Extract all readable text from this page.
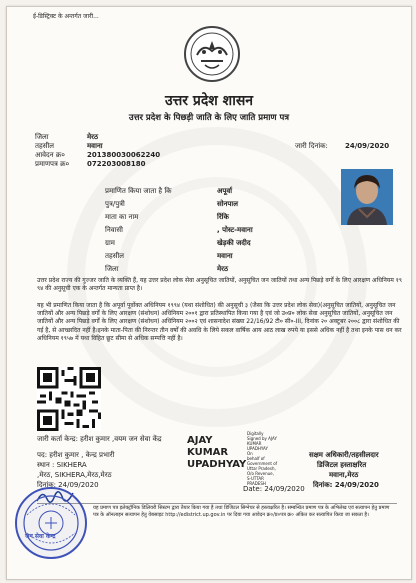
ई-डिस्ट्रिक्ट के अन्तर्गत जारी...
उत्तर प्रदेश शासन
उत्तर प्रदेश के पिछड़ी जाति के लिए जाति प्रमाण पत्र
जिला	मेरठ
तहसील	मवाना
आवेदन क्र०	201380030062240
प्रमाणपत्र क्र०	072203008180
जारी दिनांक: 24/09/2020
प्रमाणित किया जाता है कि	अपूर्वा
पुत्र/पुत्री	सोनपाल
माता का नाम	रिंकि
निवासी	, पोस्ट-मवाना
ग्राम	खेड़की जदीद
तहसील	मवाना
जिला	मेरठ
उत्तर प्रदेश राज्य की गुज्जर जाति के व्यक्ति हैं, यह उत्तर प्रदेश लोक सेवा अनुसूचित जातियों, अनुसूचित जन जातियों तथा अन्य पिछड़े वर्गों के लिए आरक्षण अधिनियम १९९४ की अनुसूची एक के अन्तर्गत मान्यता प्राप्त है।
यह भी प्रमाणित किया जाता है कि अपूर्वा पूर्वोक्त अधिनियम १९९४ (यथा संशोधित) की अनुसूची ३ (जैसा कि उत्तर प्रदेश लोक सेवा)(अनुसूचित जातियों, अनुसूचित जनजातियों और अन्य पिछड़े वर्गों के लिए आरक्षण (संशोधन) अधिनियम २००१ द्वारा प्रतिस्थापित किया गया है एवं जो उ०प्र० लोक सेवा अनुसूचित जातियों, अनुसूचित जनजातियों और अन्य पिछड़े वर्गों के लिए आरक्षण (संशोधन) अधिनियम २००२ एवं शासनादेश संख्या 22/16/92 टी० सी०-III, दिनांक २० अक्टूबर २००८ द्वारा संशोधित की गई है, से आच्छादित नहीं है।इनके माता-पिता की निरन्तर तीन वर्षों की अवधि के लिये सकल वार्षिक आय आठ लाख रुपये या इससे अधिक नहीं है तथा इनके पास धन कर अधिनियम १९५७ में यथा विहित छूट सीमा से अधिक सम्पत्ति नहीं है।
जारी कर्ता केन्द्र: हरीश कुमार ,वयम जन सेवा केंद्र
पद: हरीश कुमार , केन्द्र प्रभारी
स्थान : SIKHERA
,मेरठ, SIKHERA,मेरठ,मेरठ
दिनांक: 24/09/2020
AJAY
KUMAR
UPADHYAY
Digitally
Signed by AJAY
KUMAR
UPADHYAY
On
behalf of
Government of
Uttar Pradesh,
O/o Revenue,
S-UTTAR
PRADESH
Date: 24/09/2020
सक्षम अधिकारी/तहसीलदार
डिजिटल हस्ताक्षरित
मवाना,मेरठ
दिनांक: 24/09/2020
यह प्रमाण पत्र इलेक्ट्रॉनिक डिलिवरी सिस्टम द्वारा तैयार किया गया है तथा डिजिटल सिग्नेचर से हस्ताक्षरित है। सम्बन्धित प्रमाण पत्र के अभिलेख एवं सत्यापन हेतु प्रमाण पत्र के ऑनलाइन सत्यापन हेतु वेबसाइट http://edistrict.up.gov.in पर दिया गया आवेदन क्र०/प्र०पत्र क्र० अंकित कर सत्यापित किया जा सकता है।
जन सेवा केन्द्र
